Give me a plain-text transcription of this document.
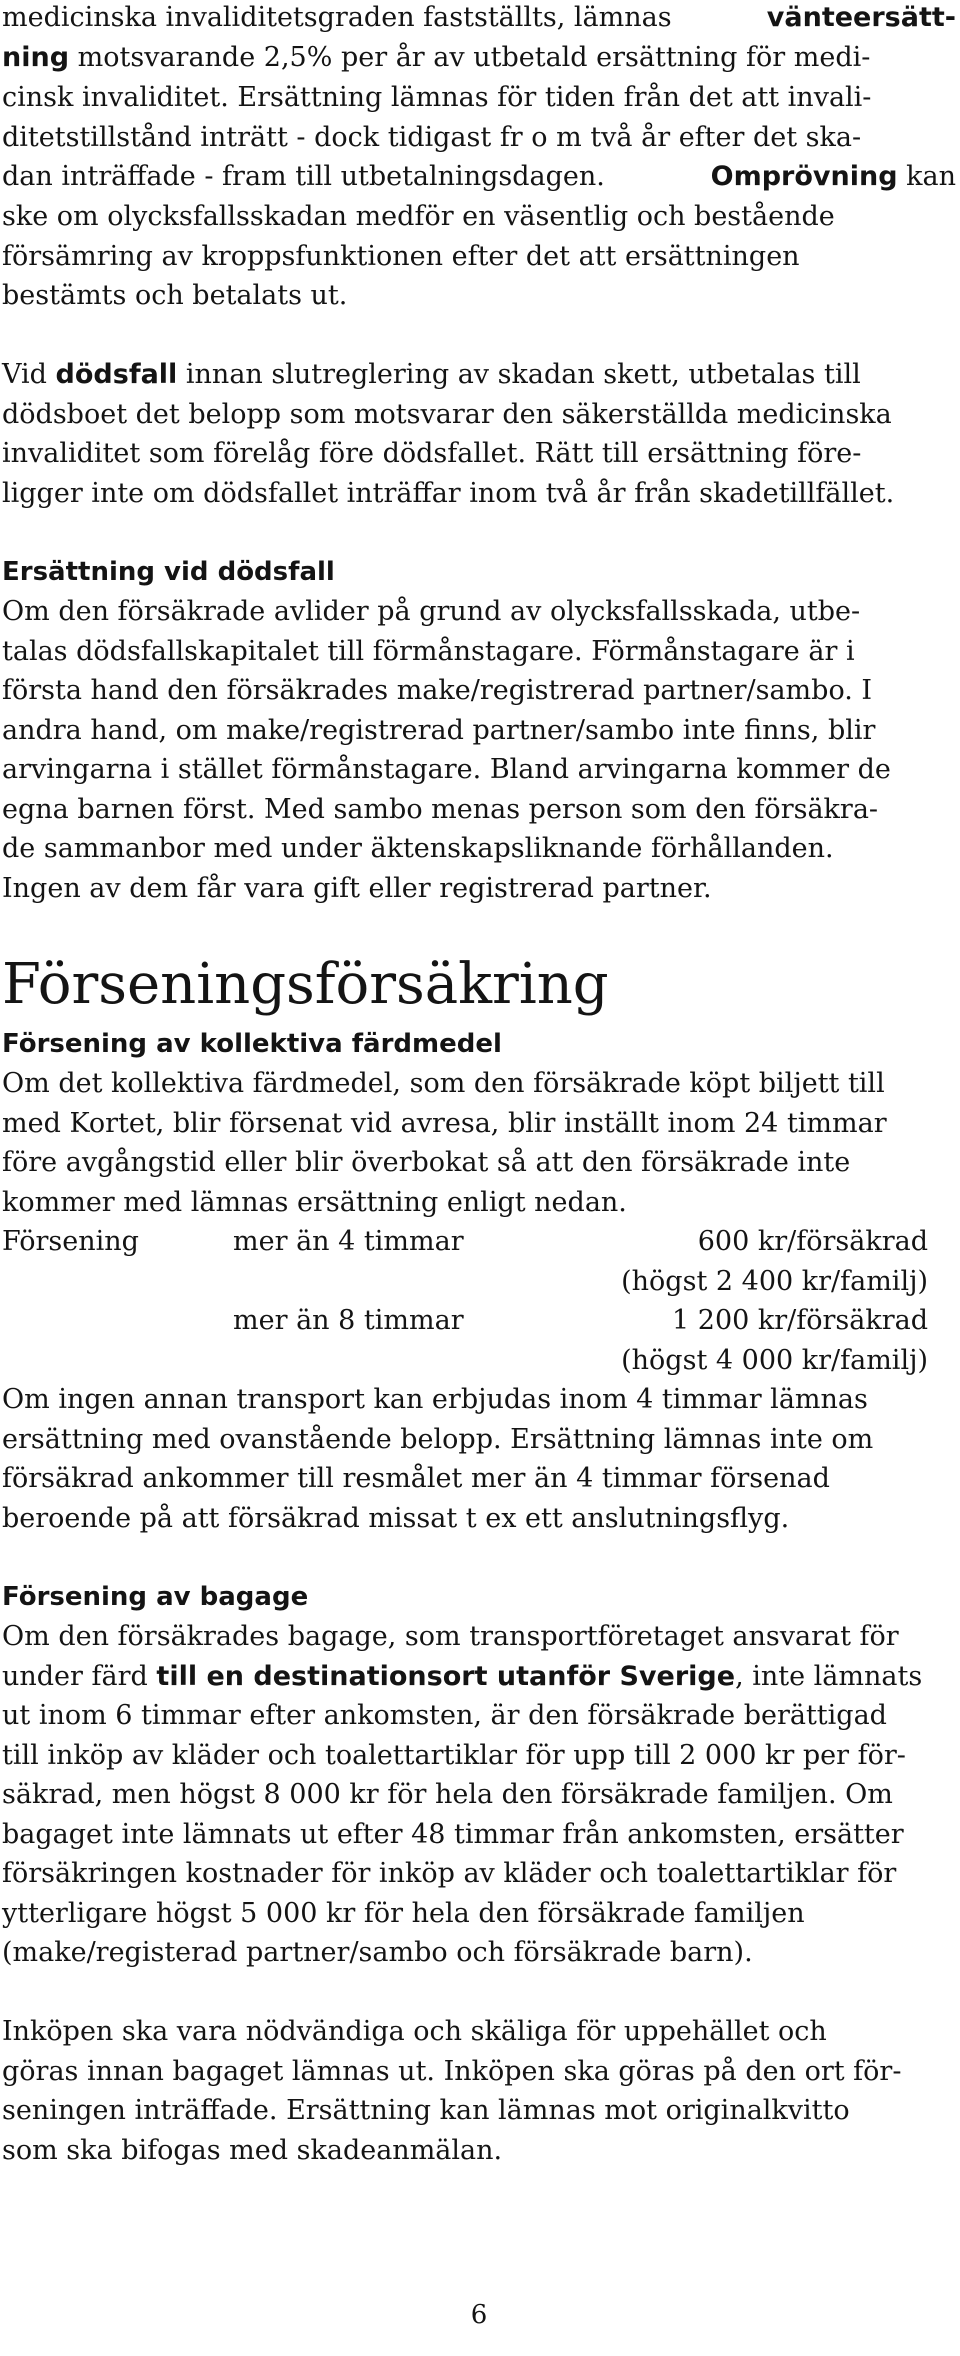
medicinska invaliditetsgraden fastställts, lämnas	vänteersätt-
ning motsvarande 2,5% per år av utbetald ersättning för medi-
cinsk invaliditet. Ersättning lämnas för tiden från det att invali-
ditetstillstånd inträtt - dock tidigast fr o m två år efter det ska-
dan inträffade - fram till utbetalningsdagen.	Omprövning kan
ske om olycksfallsskadan medför en väsentlig och bestående
försämring av kroppsfunktionen efter det att ersättningen
bestämts och betalats ut.
Vid dödsfall innan slutreglering av skadan skett, utbetalas till
dödsboet det belopp som motsvarar den säkerställda medicinska
invaliditet som förelåg före dödsfallet. Rätt till ersättning före-
ligger inte om dödsfallet inträffar inom två år från skadetillfället.
Ersättning vid dödsfall
Om den försäkrade avlider på grund av olycksfallsskada, utbe-
talas dödsfallskapitalet till förmånstagare. Förmånstagare är i
första hand den försäkrades make/registrerad partner/sambo. I
andra hand, om make/registrerad partner/sambo inte finns, blir
arvingarna i stället förmånstagare. Bland arvingarna kommer de
egna barnen först. Med sambo menas person som den försäkra-
de sammanbor med under äktenskapsliknande förhållanden.
Ingen av dem får vara gift eller registrerad partner.
Förseningsförsäkring
Försening av kollektiva färdmedel
Om det kollektiva färdmedel, som den försäkrade köpt biljett till
med Kortet, blir försenat vid avresa, blir inställt inom 24 timmar
före avgångstid eller blir överbokat så att den försäkrade inte
kommer med lämnas ersättning enligt nedan.
Försening	mer än 4 timmar	600 kr/försäkrad
(högst 2 400 kr/familj)
mer än 8 timmar	1 200 kr/försäkrad
(högst 4 000 kr/familj)
Om ingen annan transport kan erbjudas inom 4 timmar lämnas
ersättning med ovanstående belopp. Ersättning lämnas inte om
försäkrad ankommer till resmålet mer än 4 timmar försenad
beroende på att försäkrad missat t ex ett anslutningsflyg.
Försening av bagage
Om den försäkrades bagage, som transportföretaget ansvarat för
under färd till en destinationsort utanför Sverige, inte lämnats
ut inom 6 timmar efter ankomsten, är den försäkrade berättigad
till inköp av kläder och toalettartiklar för upp till 2 000 kr per för-
säkrad, men högst 8 000 kr för hela den försäkrade familjen. Om
bagaget inte lämnats ut efter 48 timmar från ankomsten, ersätter
försäkringen kostnader för inköp av kläder och toalettartiklar för
ytterligare högst 5 000 kr för hela den försäkrade familjen
(make/registerad partner/sambo och försäkrade barn).
Inköpen ska vara nödvändiga och skäliga för uppehället och
göras innan bagaget lämnas ut. Inköpen ska göras på den ort för-
seningen inträffade. Ersättning kan lämnas mot originalkvitto
som ska bifogas med skadeanmälan.
6
